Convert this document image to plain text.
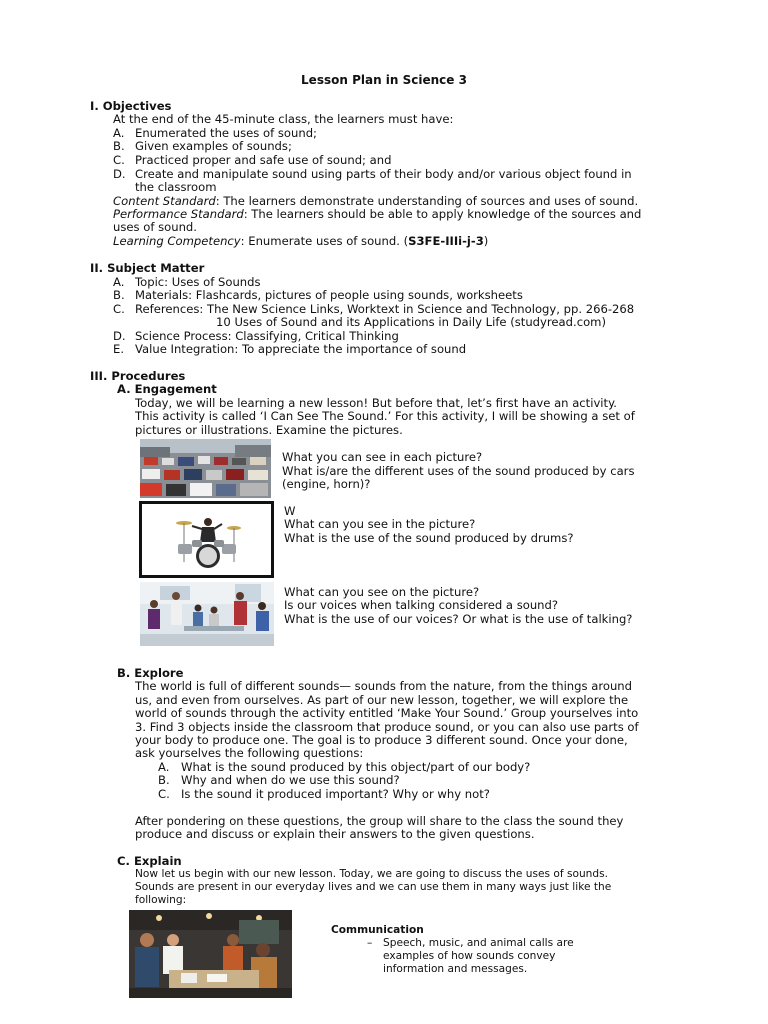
Lesson Plan in Science 3
I. Objectives
At the end of the 45-minute class, the learners must have:
A. Enumerated the uses of sound;
B. Given examples of sounds;
C. Practiced proper and safe use of sound; and
D. Create and manipulate sound using parts of their body and/or various object found in
the classroom
Content Standard: The learners demonstrate understanding of sources and uses of sound.
Performance Standard: The learners should be able to apply knowledge of the sources and
uses of sound.
Learning Competency: Enumerate uses of sound. (S3FE-IIIi-j-3)
II. Subject Matter
A. Topic: Uses of Sounds
B. Materials: Flashcards, pictures of people using sounds, worksheets
C. References: The New Science Links, Worktext in Science and Technology, pp. 266-268
10 Uses of Sound and its Applications in Daily Life (studyread.com)
D. Science Process: Classifying, Critical Thinking
E. Value Integration: To appreciate the importance of sound
III. Procedures
A. Engagement
Today, we will be learning a new lesson! But before that, let’s first have an activity.
This activity is called ‘I Can See The Sound.’ For this activity, I will be showing a set of
pictures or illustrations. Examine the pictures.
What you can see in each picture?
What is/are the different uses of the sound produced by cars
(engine, horn)?
W
What can you see in the picture?
What is the use of the sound produced by drums?
What can you see on the picture?
Is our voices when talking considered a sound?
What is the use of our voices? Or what is the use of talking?
B. Explore
The world is full of different sounds— sounds from the nature, from the things around
us, and even from ourselves. As part of our new lesson, together, we will explore the
world of sounds through the activity entitled ‘Make Your Sound.’ Group yourselves into
3. Find 3 objects inside the classroom that produce sound, or you can also use parts of
your body to produce one. The goal is to produce 3 different sound. Once your done,
ask yourselves the following questions:
A. What is the sound produced by this object/part of our body?
B. Why and when do we use this sound?
C. Is the sound it produced important? Why or why not?
After pondering on these questions, the group will share to the class the sound they
produce and discuss or explain their answers to the given questions.
C. Explain
Now let us begin with our new lesson. Today, we are going to discuss the uses of sounds.
Sounds are present in our everyday lives and we can use them in many ways just like the
following:
Communication
– Speech, music, and animal calls are
examples of how sounds convey
information and messages.
